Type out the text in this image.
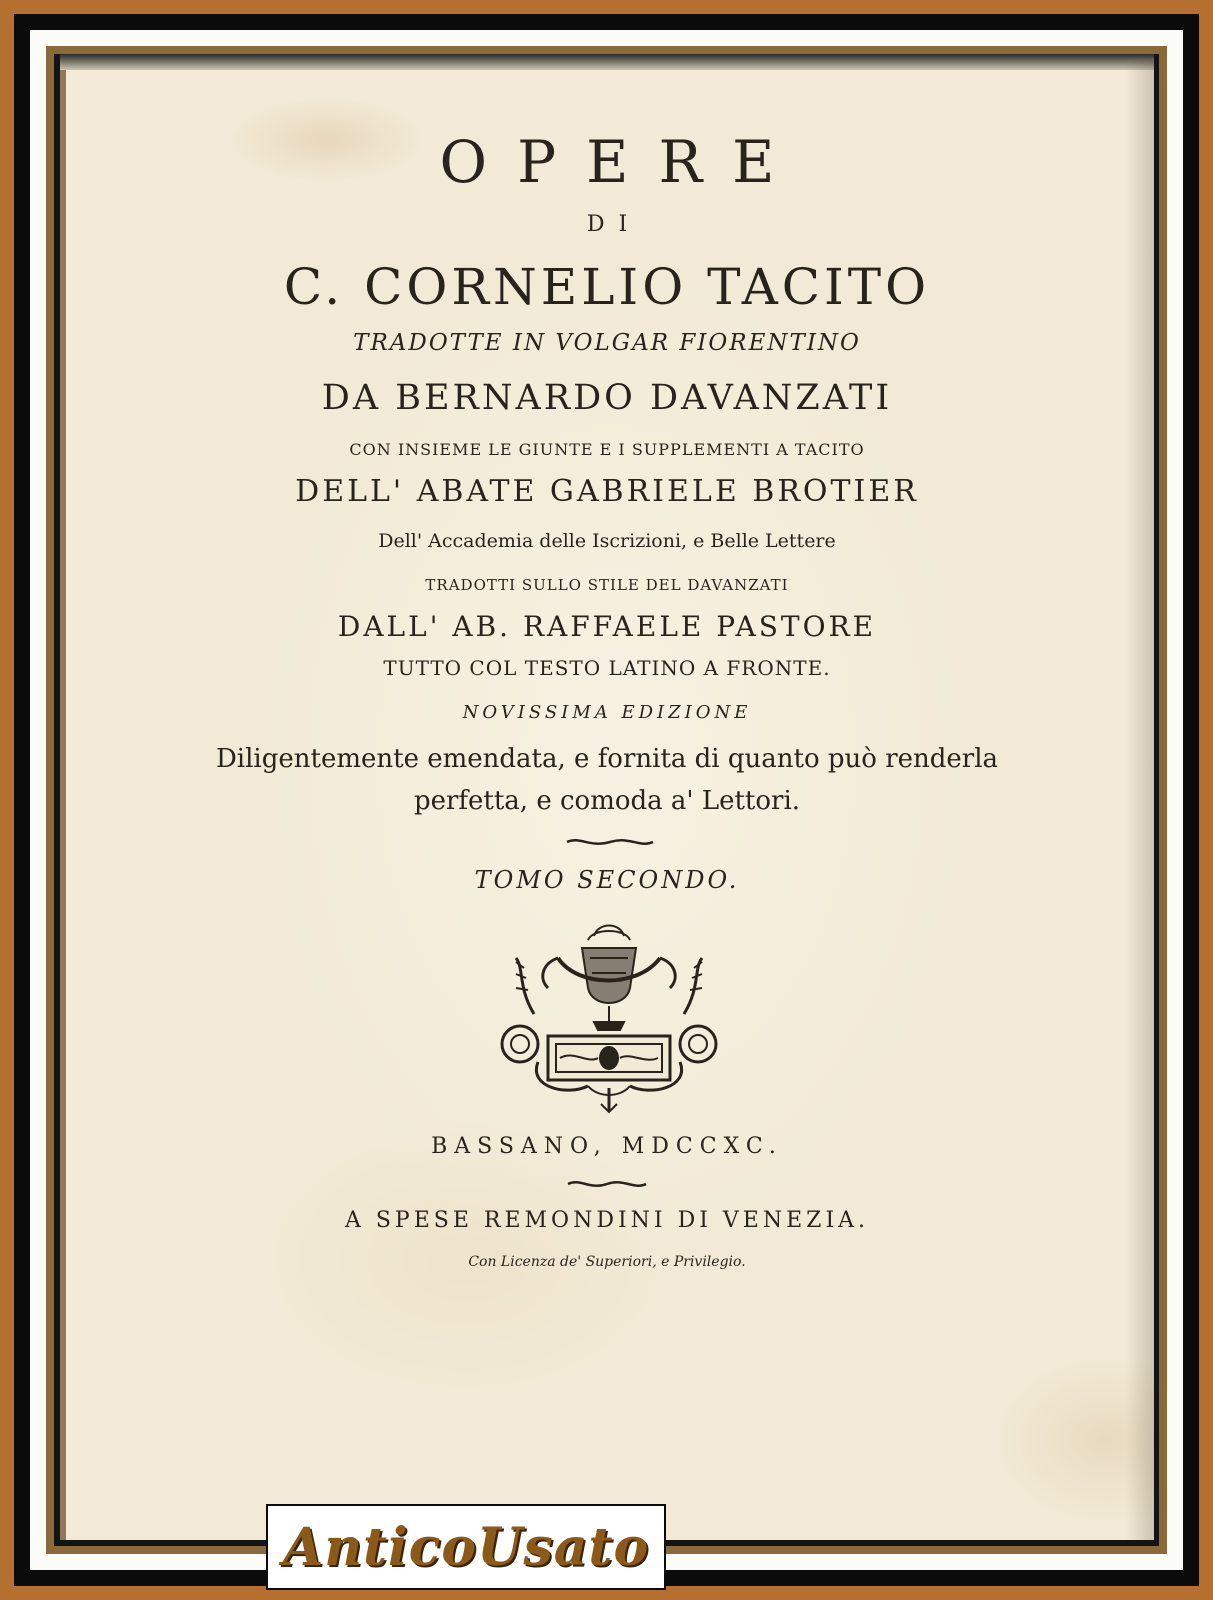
OPERE
DI
C. CORNELIO TACITO
TRADOTTE IN VOLGAR FIORENTINO
DA BERNARDO DAVANZATI
CON INSIEME LE GIUNTE E I SUPPLEMENTI A TACITO
DELL' ABATE GABRIELE BROTIER
Dell' Accademia delle Iscrizioni, e Belle Lettere
TRADOTTI SULLO STILE DEL DAVANZATI
DALL' AB. RAFFAELE PASTORE
TUTTO COL TESTO LATINO A FRONTE.
NOVISSIMA EDIZIONE
Diligentemente emendata, e fornita di quanto può renderla
perfetta, e comoda a' Lettori.
TOMO SECONDO.
BASSANO, MDCCXC.
A SPESE REMONDINI DI VENEZIA.
Con Licenza de' Superiori, e Privilegio.
AnticoUsato
